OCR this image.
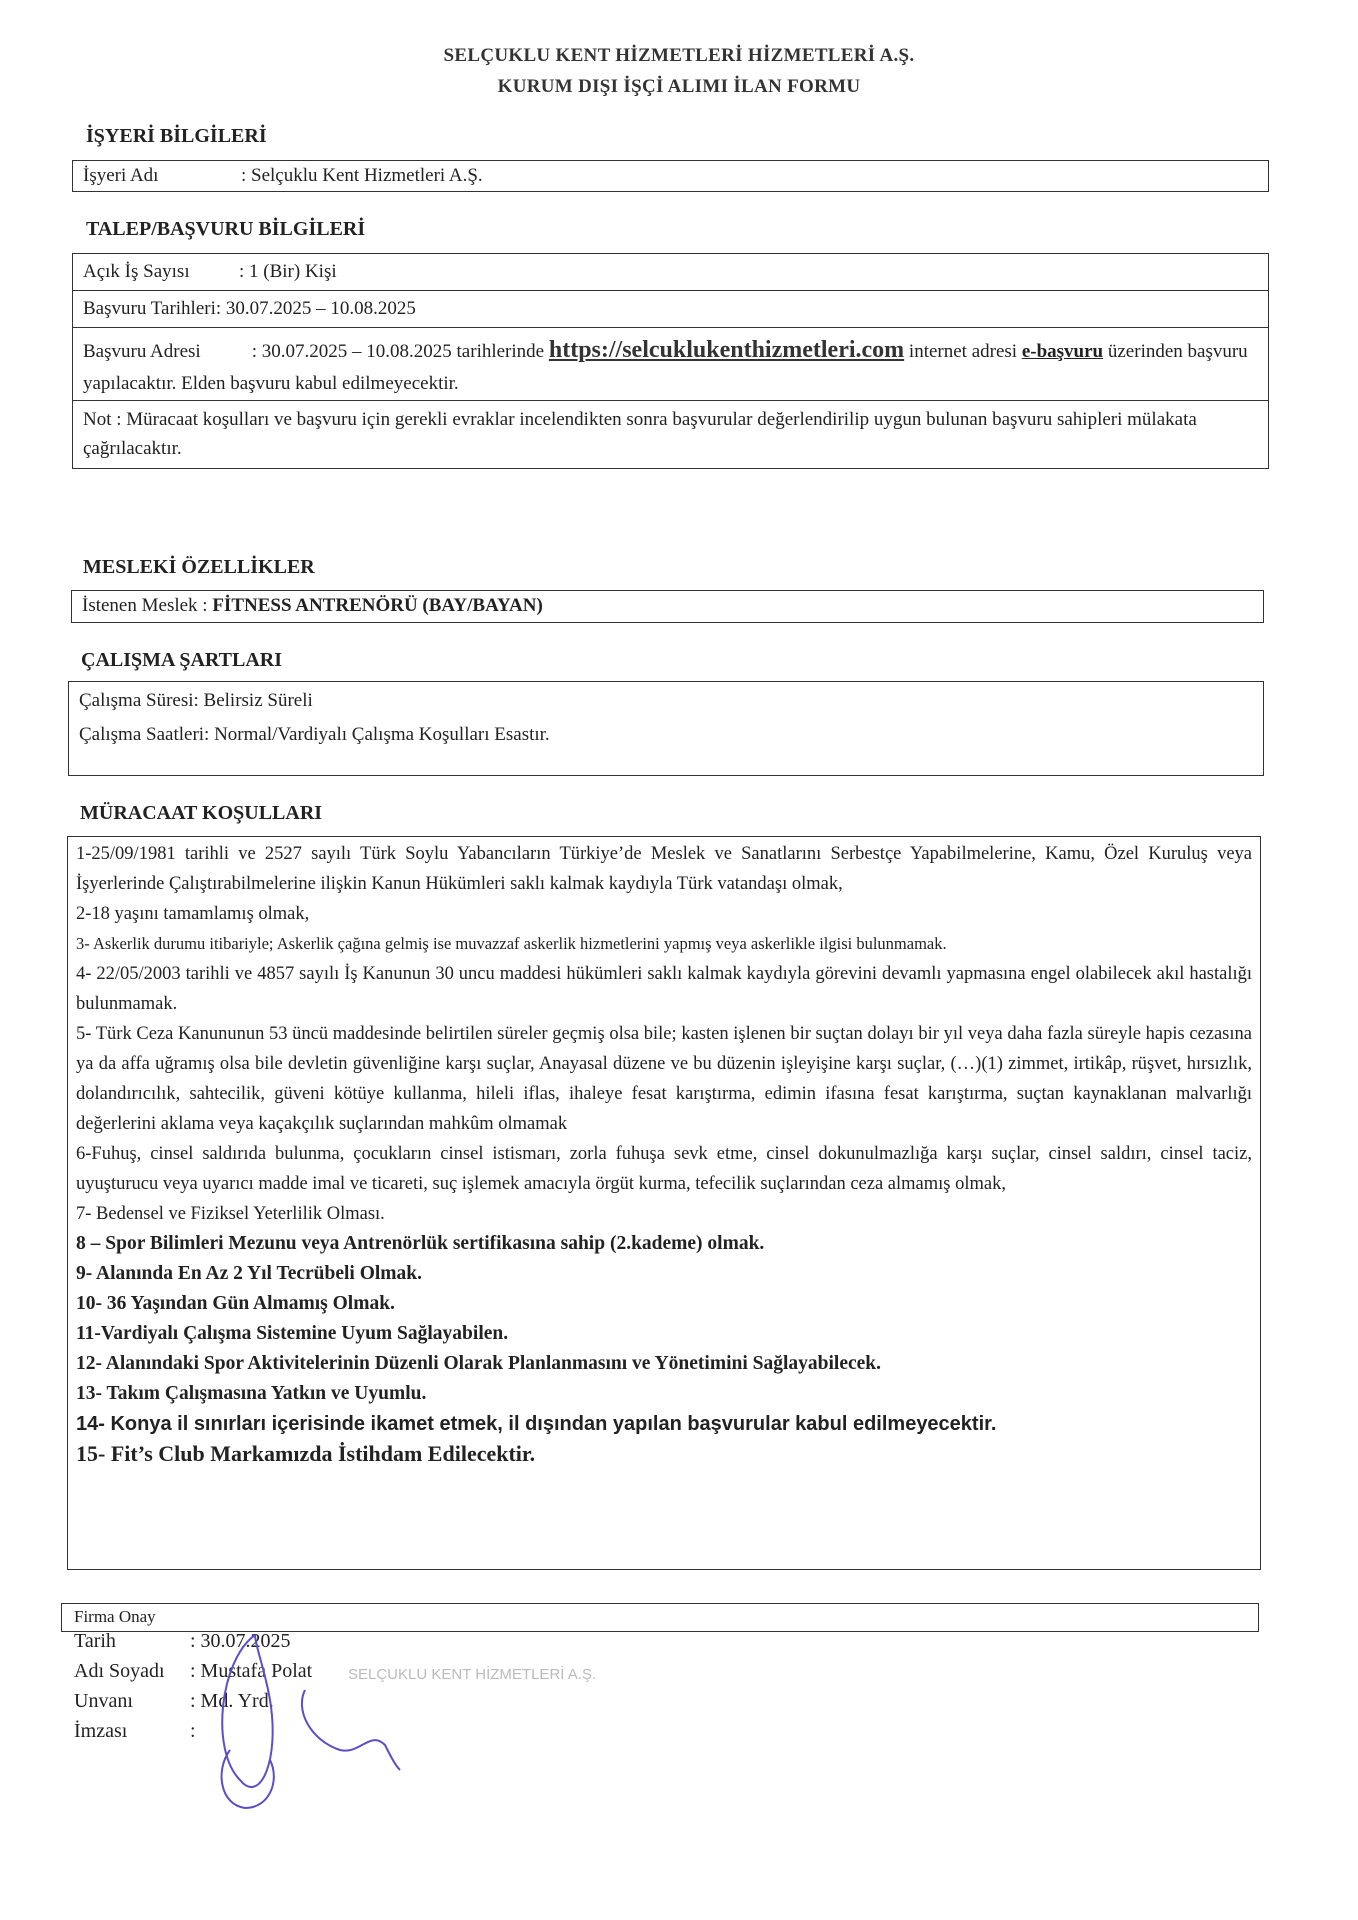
SELÇUKLU KENT HİZMETLERİ HİZMETLERİ A.Ş.
KURUM DIŞI İŞÇİ ALIMI İLAN FORMU
İŞYERİ BİLGİLERİ
İşyeri Adı	: Selçuklu Kent Hizmetleri A.Ş.
TALEP/BAŞVURU BİLGİLERİ
Açık İş Sayısı	: 1 (Bir) Kişi
Başvuru Tarihleri: 30.07.2025 – 10.08.2025
Başvuru Adresi	: 30.07.2025 – 10.08.2025 tarihlerinde https://selcuklukenthizmetleri.com internet adresi e-başvuru üzerinden başvuru yapılacaktır. Elden başvuru kabul edilmeyecektir.
Not : Müracaat koşulları ve başvuru için gerekli evraklar incelendikten sonra başvurular değerlendirilip uygun bulunan başvuru sahipleri mülakata çağrılacaktır.
MESLEKİ ÖZELLİKLER
İstenen Meslek :
FİTNESS ANTRENÖRÜ (BAY/BAYAN)
ÇALIŞMA ŞARTLARI
Çalışma Süresi: Belirsiz Süreli
Çalışma Saatleri: Normal/Vardiyalı Çalışma Koşulları Esastır.
MÜRACAAT KOŞULLARI

1-25/09/1981 tarihli ve 2527 sayılı Türk Soylu Yabancıların Türkiye’de Meslek ve Sanatlarını Serbestçe Yapabilmelerine, Kamu, Özel Kuruluş veya İşyerlerinde Çalıştırabilmelerine ilişkin Kanun Hükümleri saklı kalmak kaydıyla Türk vatandaşı olmak,

2-18 yaşını tamamlamış olmak,

3- Askerlik durumu itibariyle; Askerlik çağına gelmiş ise muvazzaf askerlik hizmetlerini yapmış veya askerlikle ilgisi bulunmamak.

4- 22/05/2003 tarihli ve 4857 sayılı İş Kanunun 30 uncu maddesi hükümleri saklı kalmak kaydıyla görevini devamlı yapmasına engel olabilecek akıl hastalığı bulunmamak.

5- Türk Ceza Kanununun 53 üncü maddesinde belirtilen süreler geçmiş olsa bile; kasten işlenen bir suçtan dolayı bir yıl veya daha fazla süreyle hapis cezasına ya da affa uğramış olsa bile devletin güvenliğine karşı suçlar, Anayasal düzene ve bu düzenin işleyişine karşı suçlar, (…)(1) zimmet, irtikâp, rüşvet, hırsızlık, dolandırıcılık, sahtecilik, güveni kötüye kullanma, hileli iflas, ihaleye fesat karıştırma, edimin ifasına fesat karıştırma, suçtan kaynaklanan malvarlığı değerlerini aklama veya kaçakçılık suçlarından mahkûm olmamak

6-Fuhuş, cinsel saldırıda bulunma, çocukların cinsel istismarı, zorla fuhuşa sevk etme, cinsel dokunulmazlığa karşı suçlar, cinsel saldırı, cinsel taciz, uyuşturucu veya uyarıcı madde imal ve ticareti, suç işlemek amacıyla örgüt kurma, tefecilik suçlarından ceza almamış olmak,

7- Bedensel ve Fiziksel Yeterlilik Olması.

8 – Spor Bilimleri Mezunu veya Antrenörlük sertifikasına sahip (2.kademe) olmak.

9- Alanında En Az 2 Yıl Tecrübeli Olmak.

10- 36 Yaşından Gün Almamış Olmak.

11-Vardiyalı Çalışma Sistemine Uyum Sağlayabilen.

12- Alanındaki Spor Aktivitelerinin Düzenli Olarak Planlanmasını ve Yönetimini Sağlayabilecek.

13- Takım Çalışmasına Yatkın ve Uyumlu.

14- Konya il sınırları içerisinde ikamet etmek, il dışından yapılan başvurular kabul edilmeyecektir.

15- Fit’s Club Markamızda İstihdam Edilecektir.

Firma Onay
Tarih	: 30.07.2025
Adı Soyadı : Mustafa Polat
Unvanı	: Md. Yrd.
İmzası	:
SELÇUKLU KENT HİZMETLERİ A.Ş.
